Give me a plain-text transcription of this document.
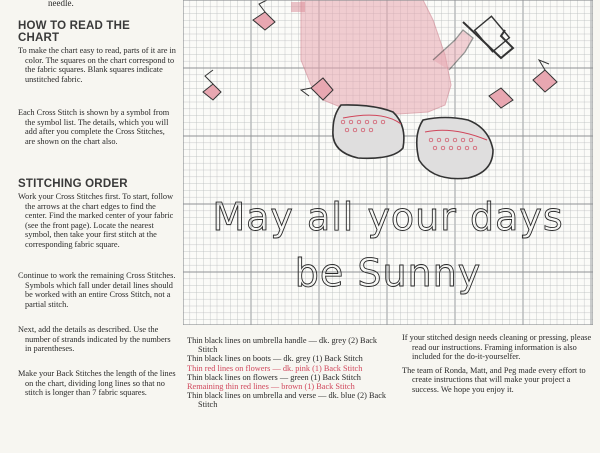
needle.
HOW TO READ THE CHART
To make the chart easy to read, parts of it are in color. The squares on the chart correspond to the fabric squares. Blank squares indicate unstitched fabric.
Each Cross Stitch is shown by a symbol from the symbol list. The details, which you will add after you complete the Cross Stitches, are shown on the chart also.
STITCHING ORDER
Work your Cross Stitches first. To start, follow the arrows at the chart edges to find the center. Find the marked center of your fabric (see the front page). Locate the nearest symbol, then take your first stitch at the corresponding fabric square.
Continue to work the remaining Cross Stitches. Symbols which fall under detail lines should be worked with an entire Cross Stitch, not a partial stitch.
Next, add the details as described. Use the number of strands indicated by the numbers in parentheses.
Make your Back Stitches the length of the lines on the chart, dividing long lines so that no stitch is longer than 7 fabric squares.
May all your days
be Sunny
Thin black lines on umbrella handle — dk. grey (2) Back Stitch
Thin black lines on boots — dk. grey (1) Back Stitch
Thin red lines on flowers — dk. pink (1) Back Stitch
Thin black lines on flowers — green (1) Back Stitch
Remaining thin red lines — brown (1) Back Stitch
Thin black lines on umbrella and verse — dk. blue (2) Back Stitch
If your stitched design needs cleaning or pressing, please read our instructions. Framing information is also included for the do-it-yourselfer.
The team of Ronda, Matt, and Peg made every effort to create instructions that will make your project a success. We hope you enjoy it.
